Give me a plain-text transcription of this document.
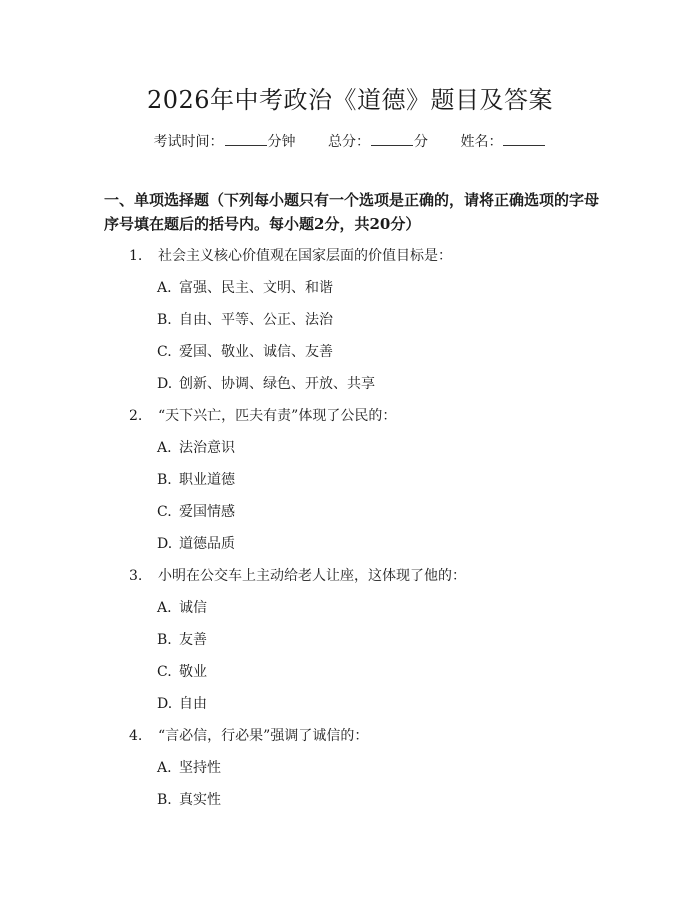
2026年中考政治《道德》题目及答案
考试时间：	分钟 总分：	分 姓名：
一、单项选择题（下列每小题只有一个选项是正确的，请将正确选项的字母序号填在题后的括号内。每小题2分，共20分）
1. 社会主义核心价值观在国家层面的价值目标是：
A. 富强、民主、文明、和谐
B. 自由、平等、公正、法治
C. 爱国、敬业、诚信、友善
D. 创新、协调、绿色、开放、共享
2. “天下兴亡，匹夫有责”体现了公民的：
A. 法治意识
B. 职业道德
C. 爱国情感
D. 道德品质
3. 小明在公交车上主动给老人让座，这体现了他的：
A. 诚信
B. 友善
C. 敬业
D. 自由
4. “言必信，行必果”强调了诚信的：
A. 坚持性
B. 真实性
